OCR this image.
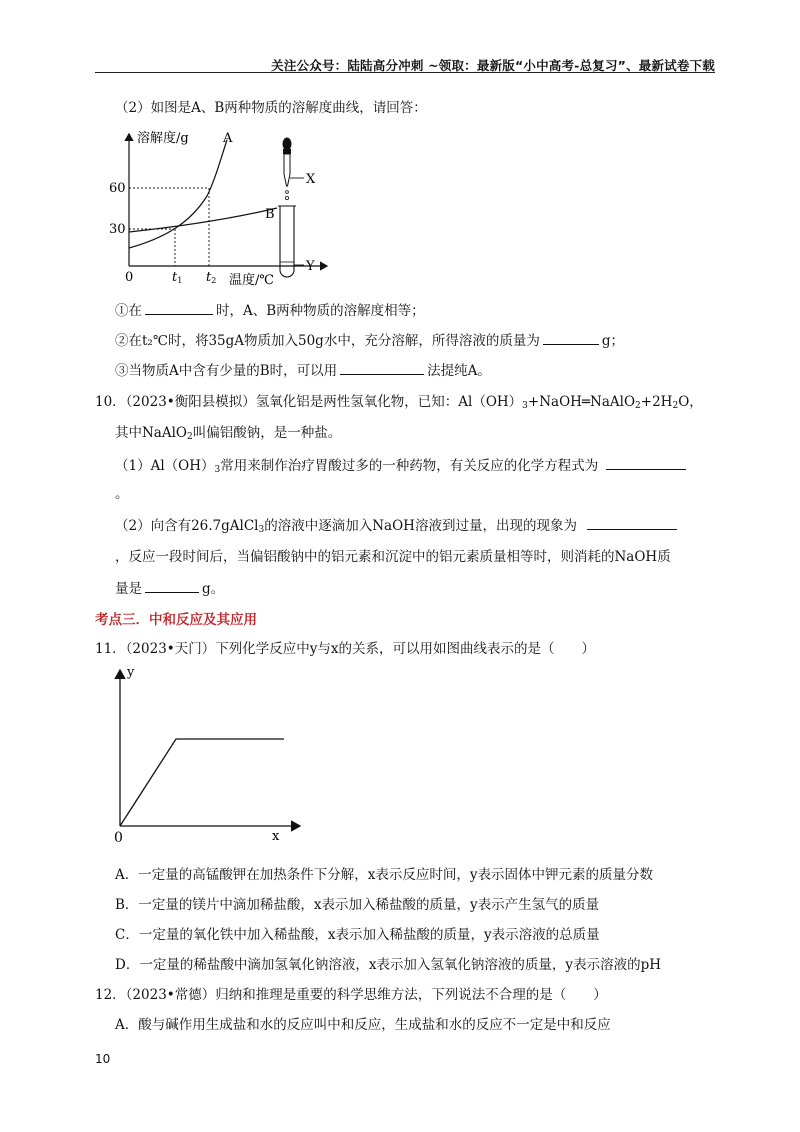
关注公众号：陆陆高分冲刺 ~领取：最新版“小中高考-总复习”、最新试卷下载
（2）如图是A、B两种物质的溶解度曲线，请回答：
溶解度/g	A
B
60
30
0	t1 t2 温度/℃
X
Y
①在	时，A、B两种物质的溶解度相等；
②在t₂℃时，将35gA物质加入50g水中，充分溶解，所得溶液的质量为	g；
③当物质A中含有少量的B时，可以用	法提纯A。
10．（2023•衡阳县模拟）氢氧化铝是两性氢氧化物，已知：$Al(OH)_3+NaOH═NaAlO_2+2H_2O$，
其中NaAlO$_2$叫偏铝酸钠，是一种盐。
$(1)Al(OH)_3$常用来制作治疗胃酸过多的一种药物，有关反应的化学方程式为
。
（2）向含有26.7gAlCl$_3$的溶液中逐滴加入NaOH溶液到过量，出现的现象为
，反应一段时间后，当偏铝酸钠中的铝元素和沉淀中的铝元素质量相等时，则消耗的NaOH质
量是	g。
考点三．中和反应及其应用
11．（2023•天门）下列化学反应中y与x的关系，可以用如图曲线表示的是（　　）
y
x
0
A．一定量的高锰酸钾在加热条件下分解，x表示反应时间，y表示固体中钾元素的质量分数
B．一定量的镁片中滴加稀盐酸，x表示加入稀盐酸的质量，y表示产生氢气的质量
C．一定量的氧化铁中加入稀盐酸，x表示加入稀盐酸的质量，y表示溶液的总质量
D．一定量的稀盐酸中滴加氢氧化钠溶液，x表示加入氢氧化钠溶液的质量，y表示溶液的pH
12．（2023•常德）归纳和推理是重要的科学思维方法，下列说法不合理的是（　　）
A．酸与碱作用生成盐和水的反应叫中和反应，生成盐和水的反应不一定是中和反应
10
